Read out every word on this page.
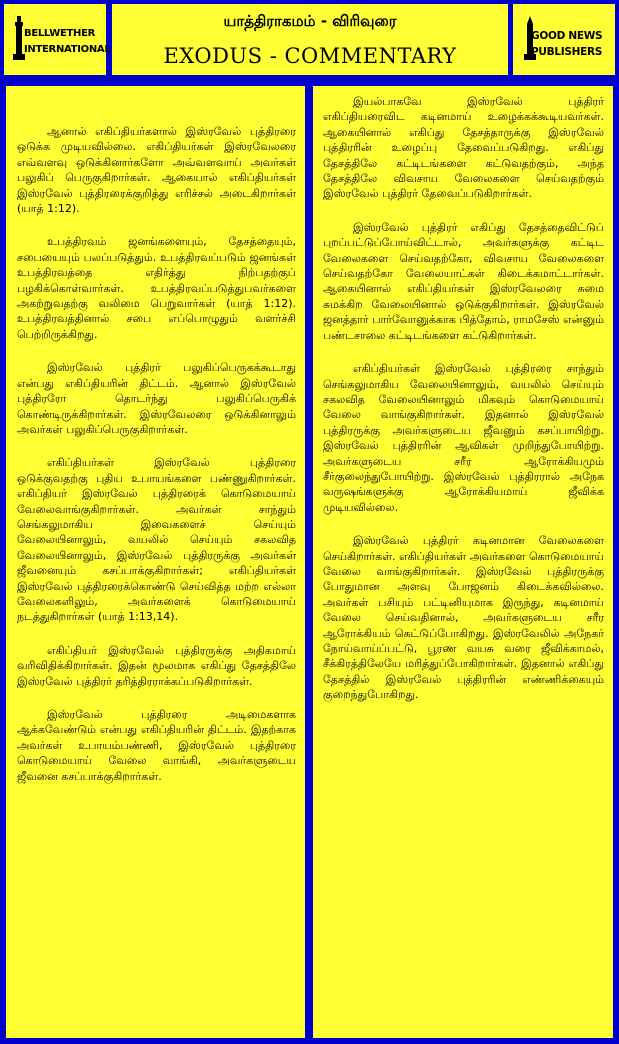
BELLWETHER
INTERNATIONAL
யாத்திராகமம் - விரிவுரை
EXODUS - COMMENTARY
GOOD NEWS
PUBLISHERS

ஆனால் எகிப்தியர்களால் இஸ்ரவேல் புத்திரரை ஒடுக்க முடியவில்லை. எகிப்தியர்கள் இஸ்ரவேலரை எவ்வளவு ஒடுக்கினார்களோ அவ்வளவாய் அவர்கள் பலுகிப் பெருகுகிறார்கள். ஆகையால் எகிப்தியர்கள் இஸ்ரவேல் புத்திரரைக்குறித்து எரிச்சல் அடைகிறார்கள் (யாத் 1:12).

உபத்திரவம் ஜனங்களையும், தேசத்தையும், சபையையும் பலப்படுத்தும். உபத்திரவப்படும் ஜனங்கள் உபத்திரவத்தை எதிர்த்து நிற்பதற்குப் பழகிக்கொள்வார்கள். உபத்திரவப்படுத்துபவர்களை அகற்றுவதற்கு வலிமை பெறுவார்கள் (யாத் 1:12). உபத்திரவத்தினால் சபை எப்பொழுதும் வளர்ச்சி பெற்றிருக்கிறது.

இஸ்ரவேல் புத்திரர் பலுகிப்பெருகக்கூடாது என்பது எகிப்தியரின் திட்டம். ஆனால் இஸ்ரவேல் புத்திரரோ தொடர்ந்து பலுகிப்பெருகிக் கொண்டிருக்கிறார்கள். இஸ்ரவேலரை ஒடுக்கினாலும் அவர்கள் பலுகிப்பெருகுகிறார்கள்.

எகிப்தியர்கள் இஸ்ரவேல் புத்திரரை ஒடுக்குவதற்கு புதிய உபாயங்களை பண்ணுகிறார்கள். எகிப்தியர் இஸ்ரவேல் புத்திரரைக் கொடுமையாய் வேலைவாங்குகிறார்கள். அவர்கள் சாந்தும் செங்கலுமாகிய இவைகளைச் செய்யும் வேலையினாலும், வயலில் செய்யும் சகலவித வேலையினாலும், இஸ்ரவேல் புத்திரருக்கு அவர்கள் ஜீவனையும் கசப்பாக்குகிறார்கள்; எகிப்தியர்கள் இஸ்ரவேல் புத்திரரைக்கொண்டு செய்வித்த மற்ற எல்லா வேலைகளிலும், அவர்களைக் கொடுமையாய் நடத்துகிறார்கள் (யாத் 1:13,14).

எகிப்தியர் இஸ்ரவேல் புத்திரருக்கு அதிகமாய் வரிவிதிக்கிறார்கள். இதன் மூலமாக எகிப்து தேசத்திலே இஸ்ரவேல் புத்திரர் தரித்திரராக்கப்படுகிறார்கள்.

இஸ்ரவேல் புத்திரரை அடிமைகளாக ஆக்கவேண்டும் என்பது எகிப்தியரின் திட்டம். இதற்காக அவர்கள் உபாயம்பண்ணி, இஸ்ரவேல் புத்திரரை கொடுமையாய் வேலை வாங்கி, அவர்களுடைய ஜீவனை கசப்பாக்குகிறார்கள்.

இயல்பாகவே இஸ்ரவேல் புத்திரர் எகிப்தியரைவிட கடினமாய் உழைக்கக்கூடியவர்கள். ஆகையினால் எகிப்து தேசத்தாருக்கு இஸ்ரவேல் புத்திரரின் உழைப்பு தேவைப்படுகிறது. எகிப்து தேசத்திலே கட்டிடங்களை கட்டுவதற்கும், அந்த தேசத்திலே விவசாய வேலைகளை செய்வதற்கும் இஸ்ரவேல் புத்திரர் தேவைப்படுகிறார்கள்.

இஸ்ரவேல் புத்திரர் எகிப்து தேசத்தைவிட்டுப் புறப்பட்டுப்போய்விட்டால், அவர்களுக்கு கட்டிட வேலைகளை செய்வதற்கோ, விவசாய வேலைகளை செய்வதற்கோ வேலையாட்கள் கிடைக்கமாட்டார்கள். ஆகையினால் எகிப்தியர்கள் இஸ்ரவேலரை சுமை சுமக்கிற வேலையினால் ஒடுக்குகிறார்கள். இஸ்ரவேல் ஜனத்தார் பார்வோனுக்காக பித்தோம், ராமசேஸ் என்னும் பண்டசாலை கட்டிடங்களை கட்டுகிறார்கள்.

எகிப்தியர்கள் இஸ்ரவேல் புத்திரரை சாந்தும் செங்கலுமாகிய வேலையினாலும், வயலில் செய்யும் சகலவித வேலையினாலும் மிகவும் கொடுமையாய் வேலை வாங்குகிறார்கள். இதனால் இஸ்ரவேல் புத்திரருக்கு அவர்களுடைய ஜீவனும் கசப்பாயிற்று. இஸ்ரவேல் புத்திரரின் ஆவிகள் முறிந்துபோயிற்று. அவர்களுடைய சரீர ஆரோக்கியமும் சீர்குலைந்துபோயிற்று. இஸ்ரவேல் புத்திரரால் அநேக வருஷங்களுக்கு ஆரோக்கியமாய் ஜீவிக்க முடியவில்லை.

இஸ்ரவேல் புத்திரர் கடினமான வேலைகளை செய்கிறார்கள். எகிப்தியர்கள் அவர்களை கொடுமையாய் வேலை வாங்குகிறார்கள். இஸ்ரவேல் புத்திரருக்கு போதுமான அளவு போஜனம் கிடைக்கவில்லை. அவர்கள் பசியும் பட்டினியுமாக இருந்து, கடினமாய் வேலை செய்வதினால், அவர்களுடைய சரீர ஆரோக்கியம் கெட்டுப்போகிறது. இஸ்ரவேலில் அநேகர் நோய்வாய்ப்பட்டு, பூரண வயசு வரை ஜீவிக்காமல், சீக்கிரத்திலேயே மரித்துப்போகிறார்கள். இதனால் எகிப்து தேசத்தில் இஸ்ரவேல் புத்திரரின் எண்ணிக்கையும் குறைந்துபோகிறது.
